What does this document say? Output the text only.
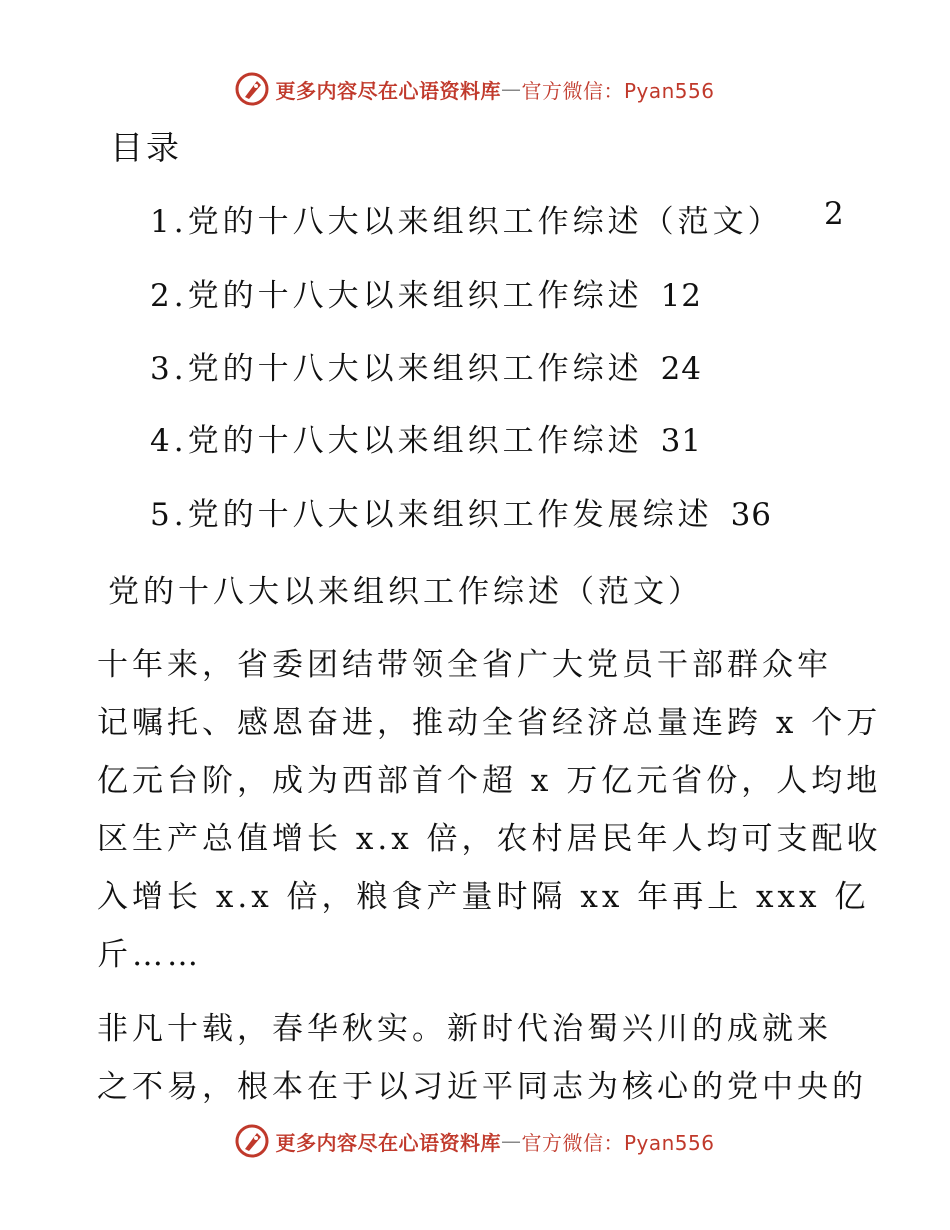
更多内容尽在心语资料库 — 官方微信：Pyan556
目录
1.党的十八大以来组织工作综述（范文） 2
2.党的十八大以来组织工作综述 12
3.党的十八大以来组织工作综述 24
4.党的十八大以来组织工作综述 31
5.党的十八大以来组织工作发展综述 36
党的十八大以来组织工作综述（范文）
十年来，省委团结带领全省广大党员干部群众牢
记嘱托、感恩奋进，推动全省经济总量连跨 x 个万
亿元台阶，成为西部首个超 x 万亿元省份，人均地
区生产总值增长 x.x 倍，农村居民年人均可支配收
入增长 x.x 倍，粮食产量时隔 xx 年再上 xxx 亿
斤……
非凡十载，春华秋实。新时代治蜀兴川的成就来
之不易，根本在于以习近平同志为核心的党中央的
更多内容尽在心语资料库 — 官方微信：Pyan556
